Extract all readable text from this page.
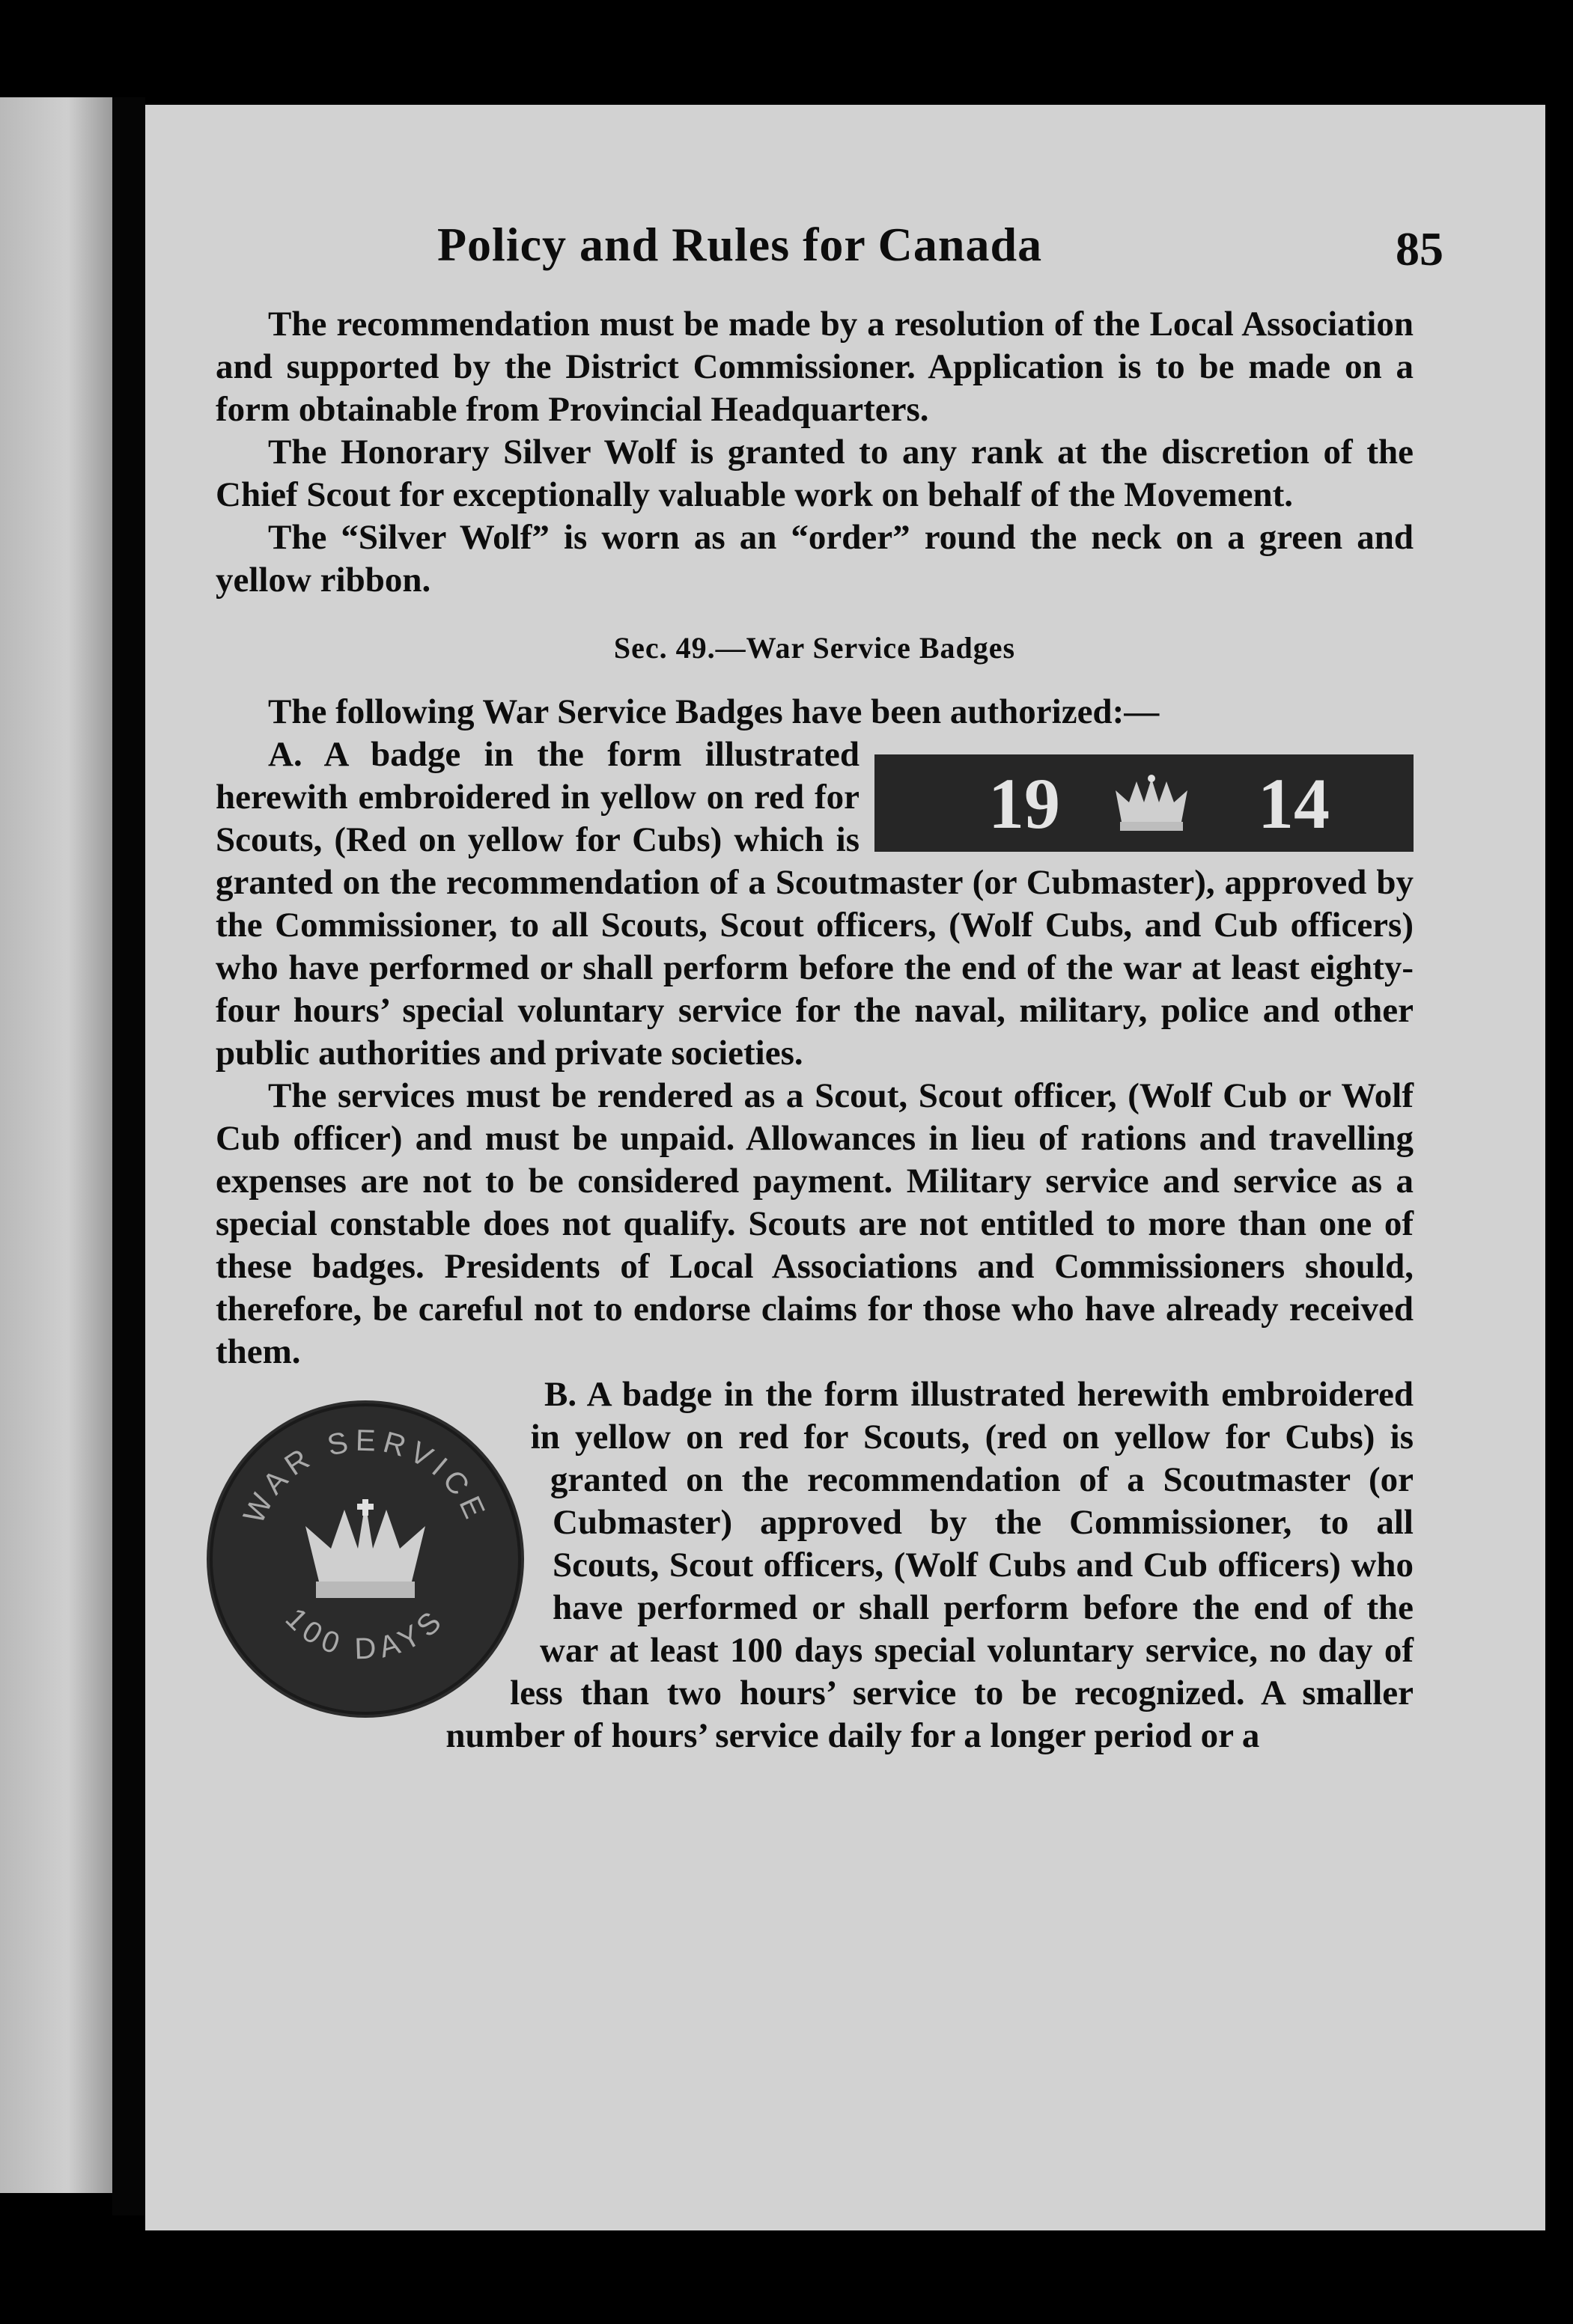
Policy and Rules for Canada	85

The recommendation must be made by a resolution of the Local Association and supported by the District Commissioner. Application is to be made on a form obtainable from Provincial Headquarters.

The Honorary Silver Wolf is granted to any rank at the discretion of the Chief Scout for exceptionally valuable work on behalf of the Movement.

The “Silver Wolf” is worn as an “order” round the neck on a green and yellow ribbon.

Sec. 49.—War Service Badges

The following War Service Badges have been authorized:—

19	14

A. A badge in the form illustrated herewith embroidered in yellow on red for Scouts, (Red on yellow for Cubs) which is granted on the recommendation of a Scoutmaster (or Cubmaster), approved by the Commissioner, to all Scouts, Scout officers, (Wolf Cubs, and Cub officers) who have performed or shall perform before the end of the war at least eighty-four hours’ special voluntary service for the naval, military, police and other public authorities and private societies.

The services must be rendered as a Scout, Scout officer, (Wolf Cub or Wolf Cub officer) and must be unpaid. Allowances in lieu of rations and travelling expenses are not to be considered payment. Military service and service as a special constable does not qualify. Scouts are not entitled to more than one of these badges. Presidents of Local Associations and Commissioners should, therefore, be careful not to endorse claims for those who have already received them.

WAR SERVICE
100 DAYS

B. A badge in the form illustrated herewith embroidered in yellow on red for Scouts, (red on yellow for Cubs) is granted on the recommendation of a Scoutmaster (or Cubmaster) approved by the Commissioner, to all Scouts, Scout officers, (Wolf Cubs and Cub officers) who have performed or shall perform before the end of the war at least 100 days special voluntary service, no day of less than two hours’ service to be recognized. A smaller number of hours’ service daily for a longer period or a
